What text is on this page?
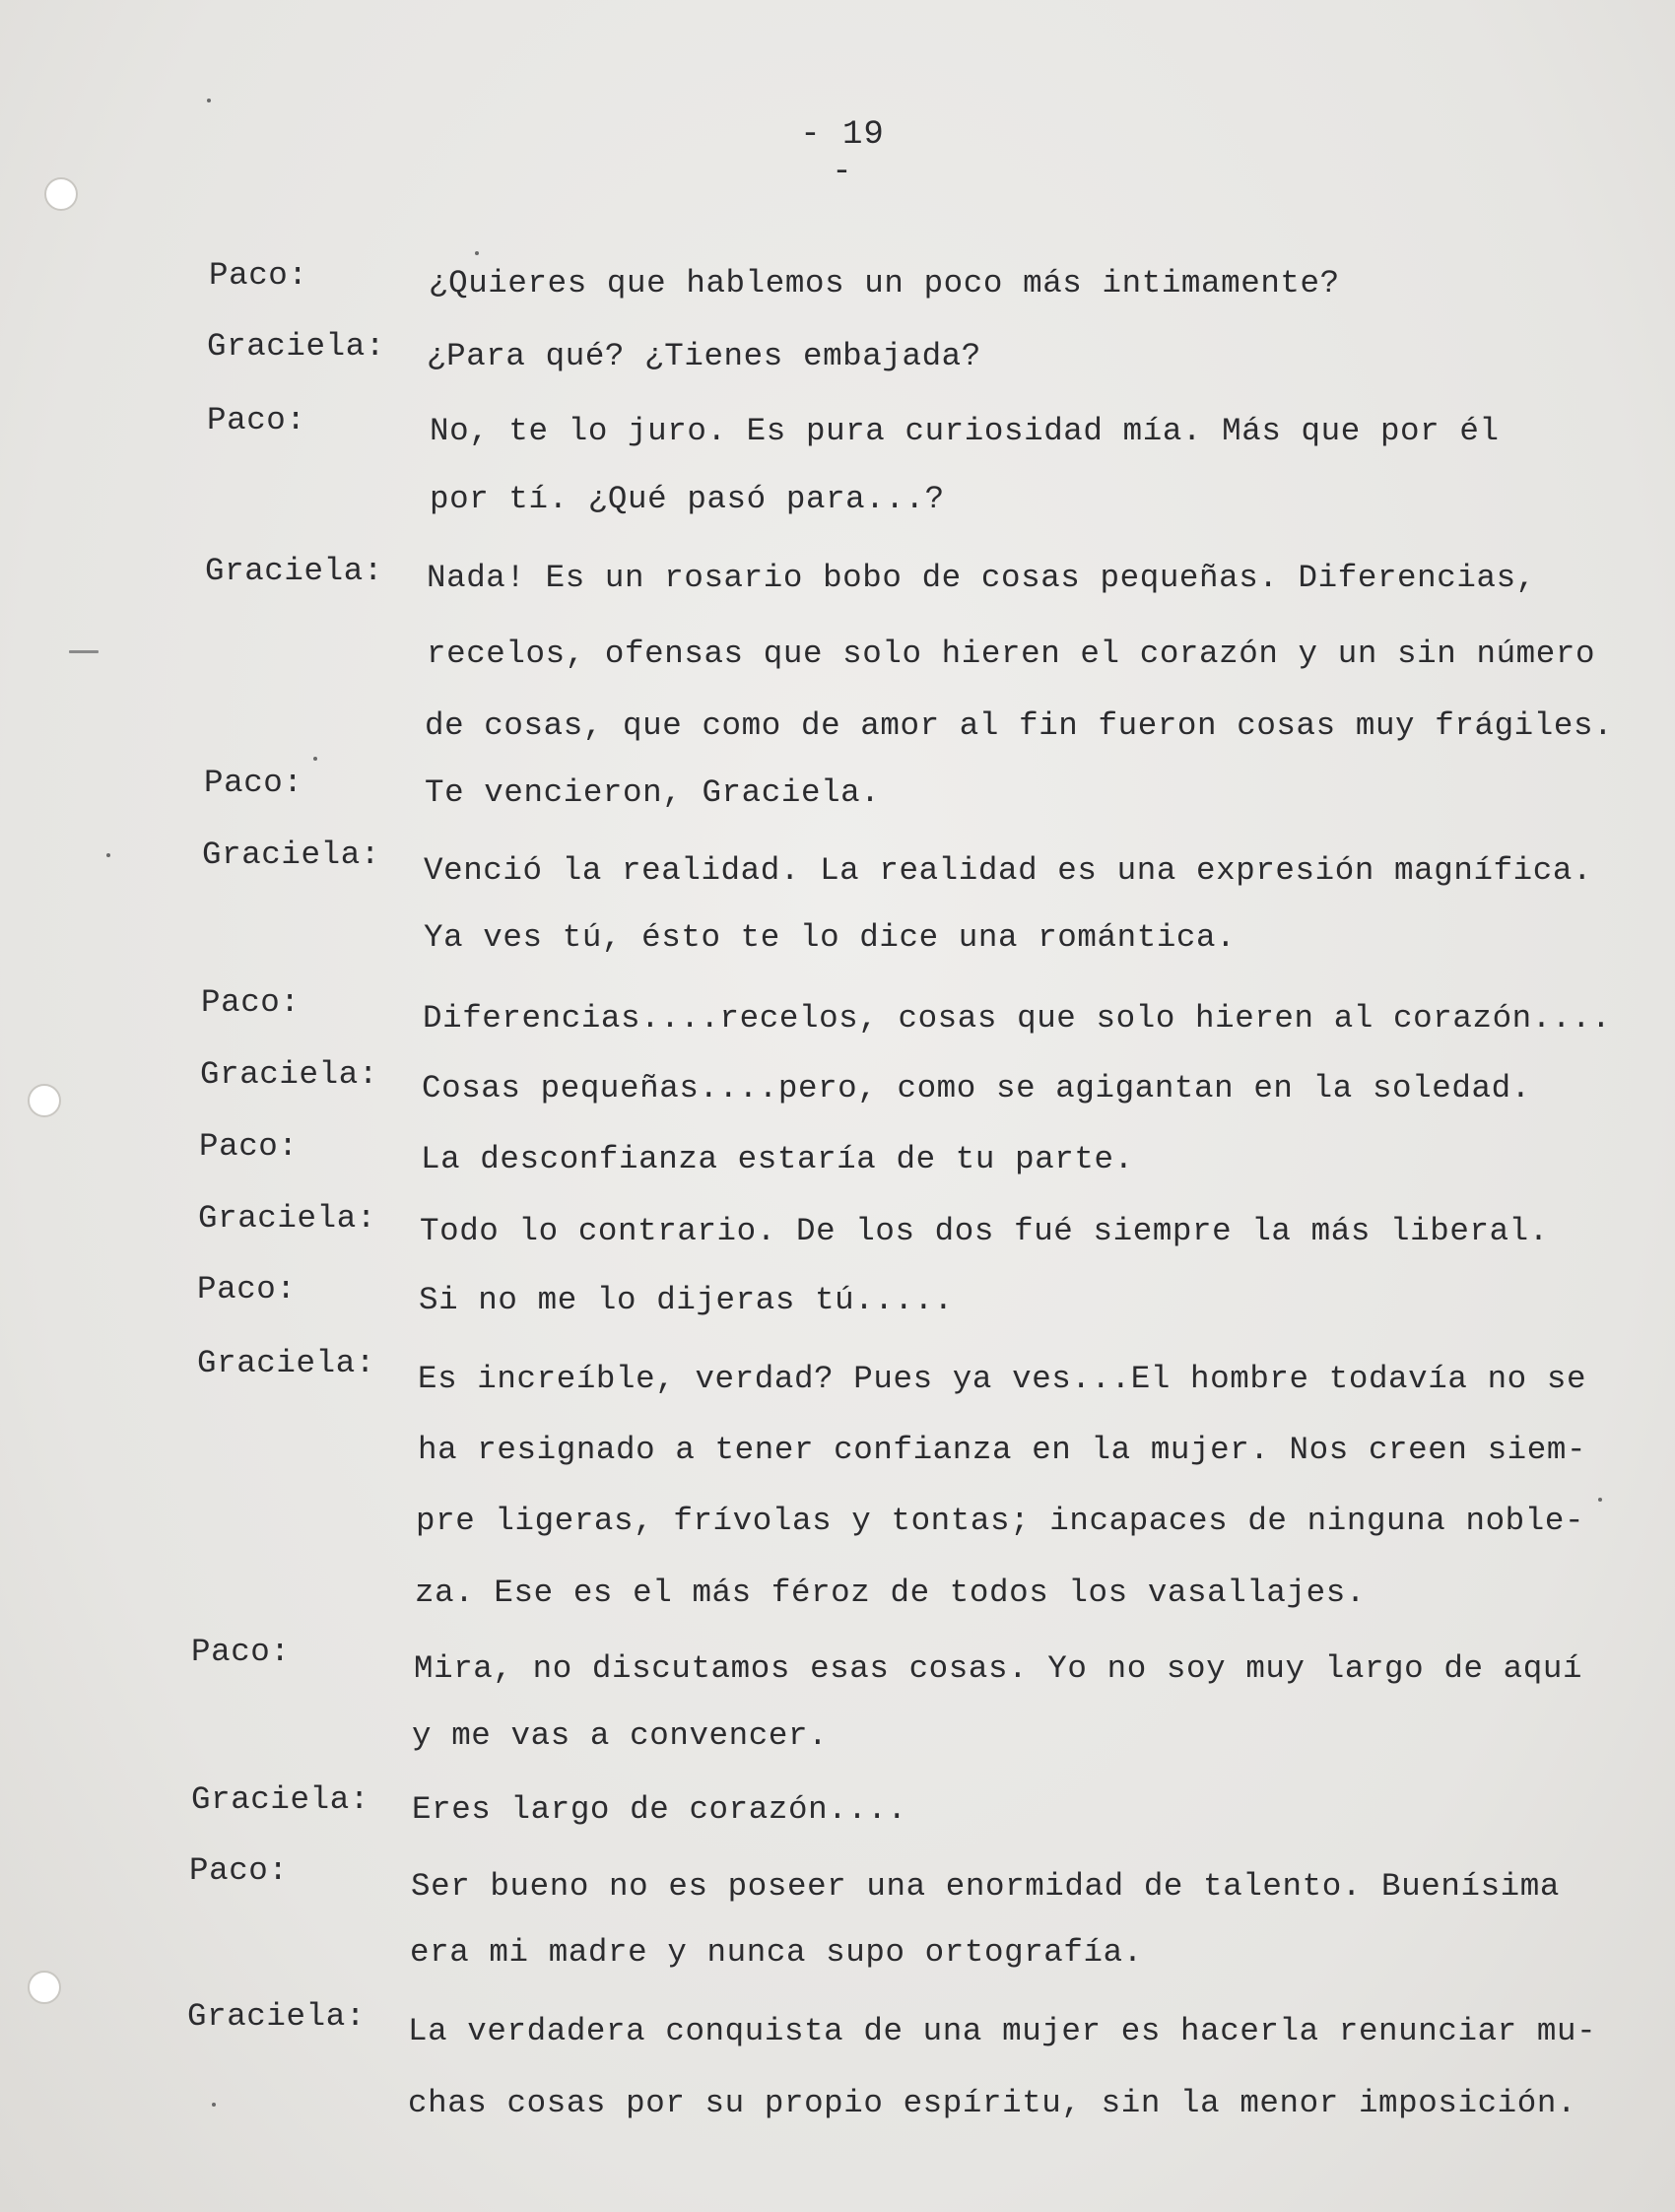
- 19 -
Paco:	¿Quieres que hablemos un poco más intimamente?
Graciela:	¿Para qué? ¿Tienes embajada?
Paco:	No, te lo juro. Es pura curiosidad mía. Más que por él
por tí. ¿Qué pasó para...?
Graciela:	Nada! Es un rosario bobo de cosas pequeñas. Diferencias,
recelos, ofensas que solo hieren el corazón y un sin número
de cosas, que como de amor al fin fueron cosas muy frágiles.
Paco:	Te vencieron, Graciela.
Graciela:	Venció la realidad. La realidad es una expresión magnífica.
Ya ves tú, ésto te lo dice una romántica.
Paco:	Diferencias....recelos, cosas que solo hieren al corazón....
Graciela:	Cosas pequeñas....pero, como se agigantan en la soledad.
Paco:	La desconfianza estaría de tu parte.
Graciela:	Todo lo contrario. De los dos fué siempre la más liberal.
Paco:	Si no me lo dijeras tú.....
Graciela:	Es increíble, verdad? Pues ya ves...El hombre todavía no se
ha resignado a tener confianza en la mujer. Nos creen siem-
pre ligeras, frívolas y tontas; incapaces de ninguna noble-
za. Ese es el más féroz de todos los vasallajes.
Paco:	Mira, no discutamos esas cosas. Yo no soy muy largo de aquí
y me vas a convencer.
Graciela:	Eres largo de corazón....
Paco:	Ser bueno no es poseer una enormidad de talento. Buenísima
era mi madre y nunca supo ortografía.
Graciela:	La verdadera conquista de una mujer es hacerla renunciar mu-
chas cosas por su propio espíritu, sin la menor imposición.
